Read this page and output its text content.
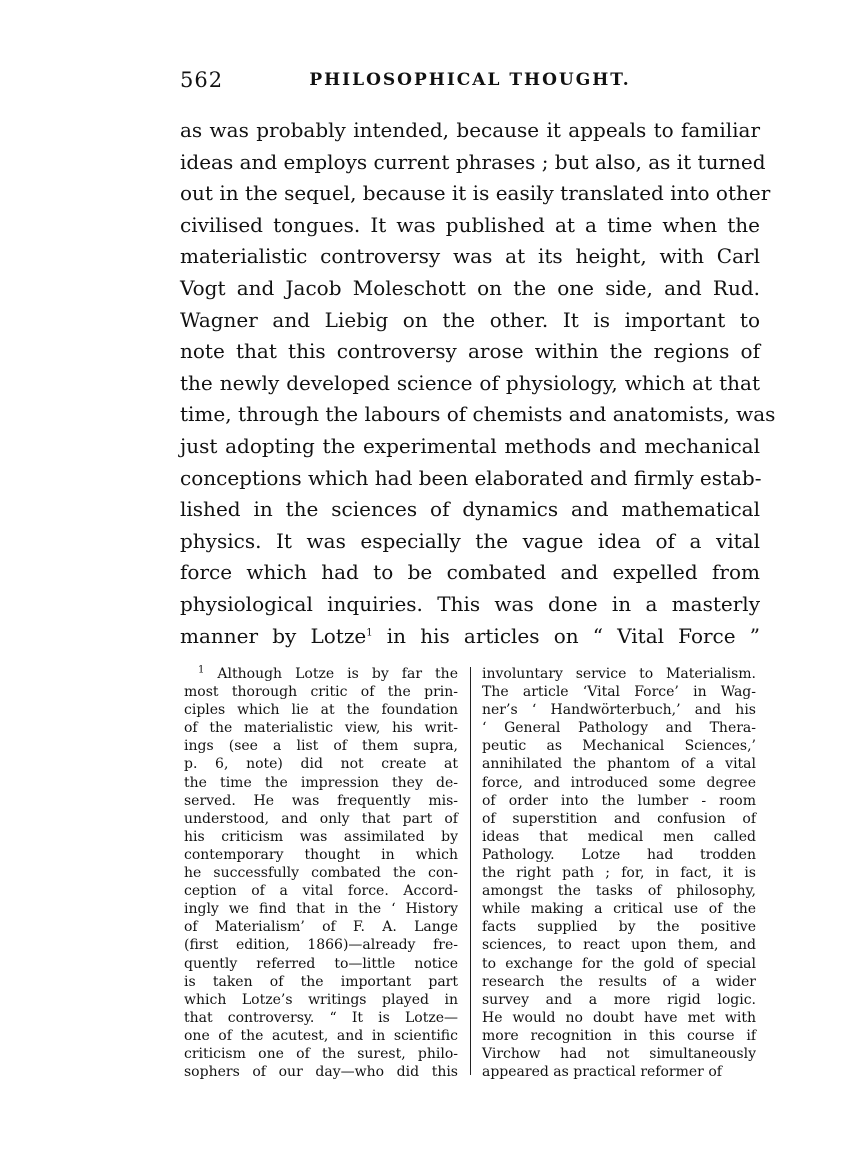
562	PHILOSOPHICAL THOUGHT.
as was probably intended, because it appeals to familiar
ideas and employs current phrases ; but also, as it turned
out in the sequel, because it is easily translated into other
civilised tongues. It was published at a time when the
materialistic controversy was at its height, with Carl
Vogt and Jacob Moleschott on the one side, and Rud.
Wagner and Liebig on the other. It is important to
note that this controversy arose within the regions of
the newly developed science of physiology, which at that
time, through the labours of chemists and anatomists, was
just adopting the experimental methods and mechanical
conceptions which had been elaborated and firmly estab-
lished in the sciences of dynamics and mathematical
physics. It was especially the vague idea of a vital
force which had to be combated and expelled from
physiological inquiries. This was done in a masterly
manner by Lotze$^1$ in his articles on “ Vital Force ”
 $^1$ Although Lotze is by far the
most thorough critic of the prin-
ciples which lie at the foundation
of the materialistic view, his writ-
ings (see a list of them supra,
p. 6, note) did not create at
the time the impression they de-
served. He was frequently mis-
understood, and only that part of
his criticism was assimilated by
contemporary thought in which
he successfully combated the con-
ception of a vital force. Accord-
ingly we find that in the ‘ History
of Materialism’ of F. A. Lange
(first edition, 1866)—already fre-
quently referred to—little notice
is taken of the important part
which Lotze’s writings played in
that controversy. “ It is Lotze—
one of the acutest, and in scientific
criticism one of the surest, philo-
sophers of our day—who did this
involuntary service to Materialism.
The article ‘Vital Force’ in Wag-
ner’s ‘ Handwörterbuch,’ and his
‘ General Pathology and Thera-
peutic as Mechanical Sciences,’
annihilated the phantom of a vital
force, and introduced some degree
of order into the lumber - room
of superstition and confusion of
ideas that medical men called
Pathology. Lotze had trodden
the right path ; for, in fact, it is
amongst the tasks of philosophy,
while making a critical use of the
facts supplied by the positive
sciences, to react upon them, and
to exchange for the gold of special
research the results of a wider
survey and a more rigid logic.
He would no doubt have met with
more recognition in this course if
Virchow had not simultaneously
appeared as practical reformer of
